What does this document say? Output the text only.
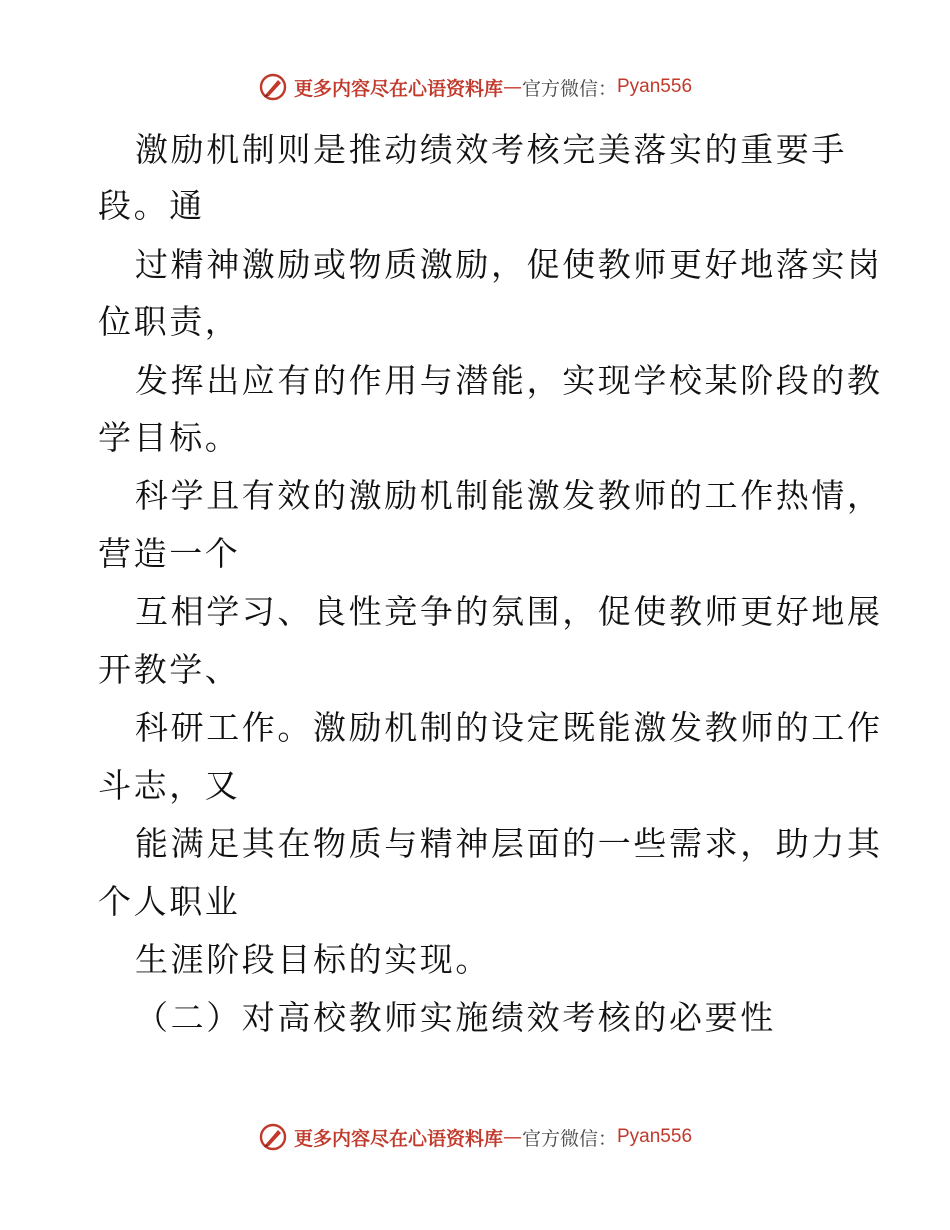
更多内容尽在心语资料库 — 官方微信： Pyan556
激励机制则是推动绩效考核完美落实的重要手
段。通
过精神激励或物质激励，促使教师更好地落实岗
位职责，
发挥出应有的作用与潜能，实现学校某阶段的教
学目标。
科学且有效的激励机制能激发教师的工作热情，
营造一个
互相学习、良性竞争的氛围，促使教师更好地展
开教学、
科研工作。激励机制的设定既能激发教师的工作
斗志，又
能满足其在物质与精神层面的一些需求，助力其
个人职业
生涯阶段目标的实现。
（二）对高校教师实施绩效考核的必要性
更多内容尽在心语资料库 — 官方微信： Pyan556
